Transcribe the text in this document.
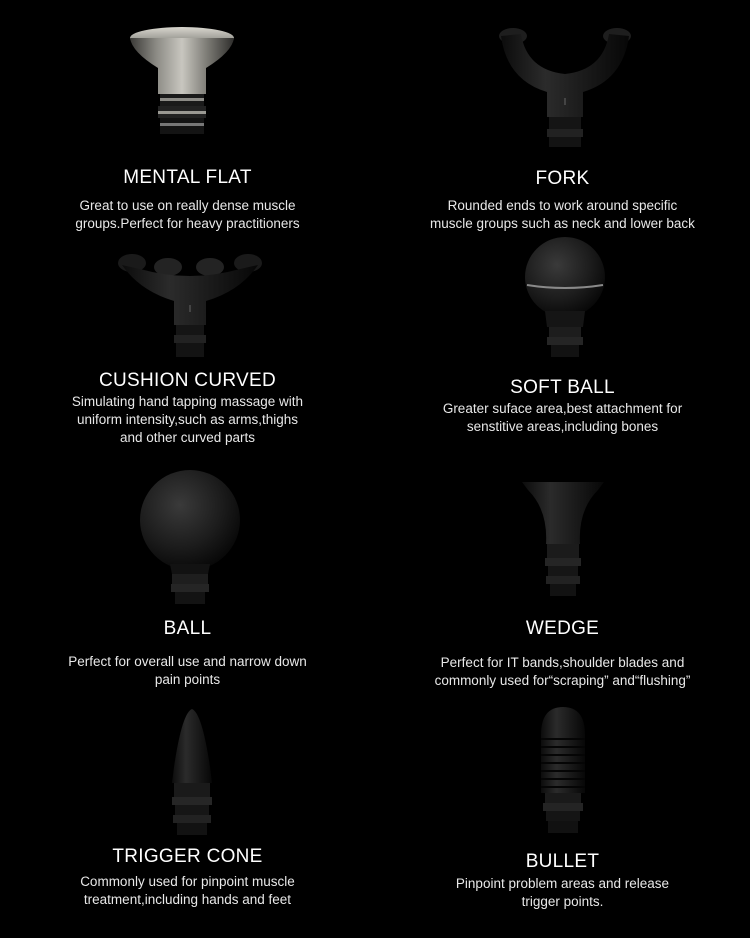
MENTAL FLAT
Great to use on really dense muscle
groups.Perfect for heavy practitioners
FORK
Rounded ends to work around specific
muscle groups such as neck and lower back
CUSHION CURVED
Simulating hand tapping massage with
uniform intensity,such as arms,thighs
and other curved parts
SOFT BALL
Greater suface area,best attachment for
senstitive areas,including bones
BALL
Perfect for overall use and narrow down
pain points
WEDGE
Perfect for IT bands,shoulder blades and
commonly used for“scraping” and“flushing”
TRIGGER CONE
Commonly used for pinpoint muscle
treatment,including hands and feet
BULLET
Pinpoint problem areas and release
trigger points.
